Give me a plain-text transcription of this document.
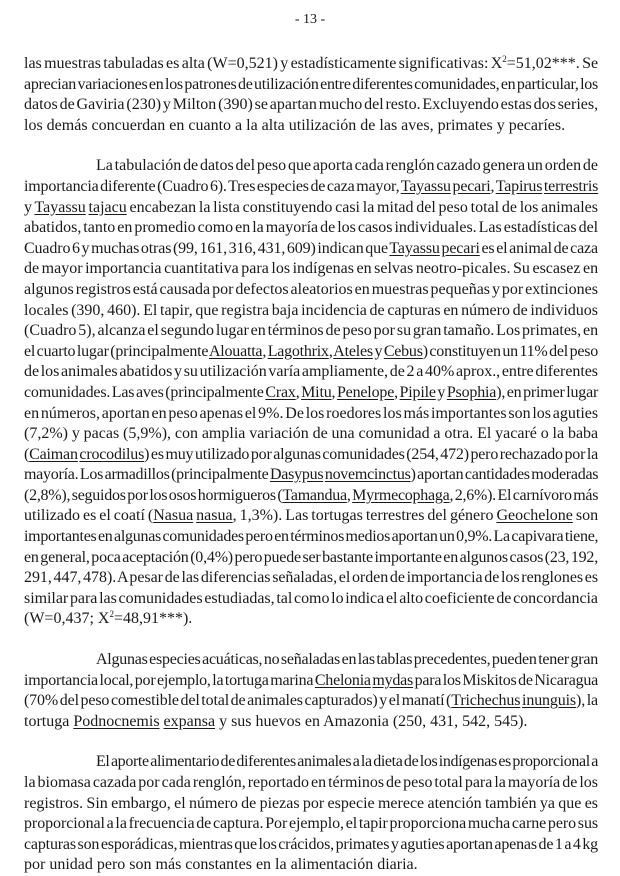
- 13 -
las muestras tabuladas es alta (W=0,521) y estadísticamente significativas: $X^2=51,02***$. Se
aprecian variaciones en los patrones de utilización entre diferentes comunidades, en particular, los
datos de Gaviria (230) y Milton (390) se apartan mucho del resto. Excluyendo estas dos series,
los demás concuerdan en cuanto a la alta utilización de las aves, primates y pecaríes.
La tabulación de datos del peso que aporta cada renglón cazado genera un orden de
importancia diferente (Cuadro 6). Tres especies de caza mayor, Tayassu pecari, Tapirus terrestris
y Tayassu tajacu encabezan la lista constituyendo casi la mitad del peso total de los animales
abatidos, tanto en promedio como en la mayoría de los casos individuales. Las estadísticas del
Cuadro 6 y muchas otras (99, 161, 316, 431, 609) indican que Tayassu pecari es el animal de caza
de mayor importancia cuantitativa para los indígenas en selvas neotro-picales. Su escasez en
algunos registros está causada por defectos aleatorios en muestras pequeñas y por extinciones
locales (390, 460). El tapir, que registra baja incidencia de capturas en número de individuos
(Cuadro 5), alcanza el segundo lugar en términos de peso por su gran tamaño. Los primates, en
el cuarto lugar (principalmente Alouatta, Lagothrix, Ateles y Cebus) constituyen un 11% del peso
de los animales abatidos y su utilización varía ampliamente, de 2 a 40% aprox., entre diferentes
comunidades. Las aves (principalmente Crax, Mitu, Penelope, Pipile y Psophia), en primer lugar
en números, aportan en peso apenas el 9%. De los roedores los más importantes son los aguties
(7,2%) y pacas (5,9%), con amplia variación de una comunidad a otra. El yacaré o la baba
(Caiman crocodilus) es muy utilizado por algunas comunidades (254, 472) pero rechazado por la
mayoría. Los armadillos (principalmente Dasypus novemcinctus) aportan cantidades moderadas
(2,8%), seguidos por los osos hormigueros (Tamandua, Myrmecophaga, 2,6%). El carnívoro más
utilizado es el coatí (Nasua nasua, 1,3%). Las tortugas terrestres del género Geochelone son
importantes en algunas comunidades pero en términos medios aportan un 0,9%. La capivara tiene,
en general, poca aceptación (0,4%) pero puede ser bastante importante en algunos casos (23, 192,
291, 447, 478). A pesar de las diferencias señaladas, el orden de importancia de los renglones es
similar para las comunidades estudiadas, tal como lo indica el alto coeficiente de concordancia
(W=0,437; $X^2=48,91***$).
Algunas especies acuáticas, no señaladas en las tablas precedentes, pueden tener gran
importancia local, por ejemplo, la tortuga marina Chelonia mydas para los Miskitos de Nicaragua
(70% del peso comestible del total de animales capturados) y el manatí (Trichechus inunguis), la
tortuga Podnocnemis expansa y sus huevos en Amazonia (250, 431, 542, 545).
El aporte alimentario de diferentes animales a la dieta de los indígenas es proporcional a
la biomasa cazada por cada renglón, reportado en términos de peso total para la mayoría de los
registros. Sin embargo, el número de piezas por especie merece atención también ya que es
proporcional a la frecuencia de captura. Por ejemplo, el tapir proporciona mucha carne pero sus
capturas son esporádicas, mientras que los crácidos, primates y aguties aportan apenas de 1 a 4 kg
por unidad pero son más constantes en la alimentación diaria.
